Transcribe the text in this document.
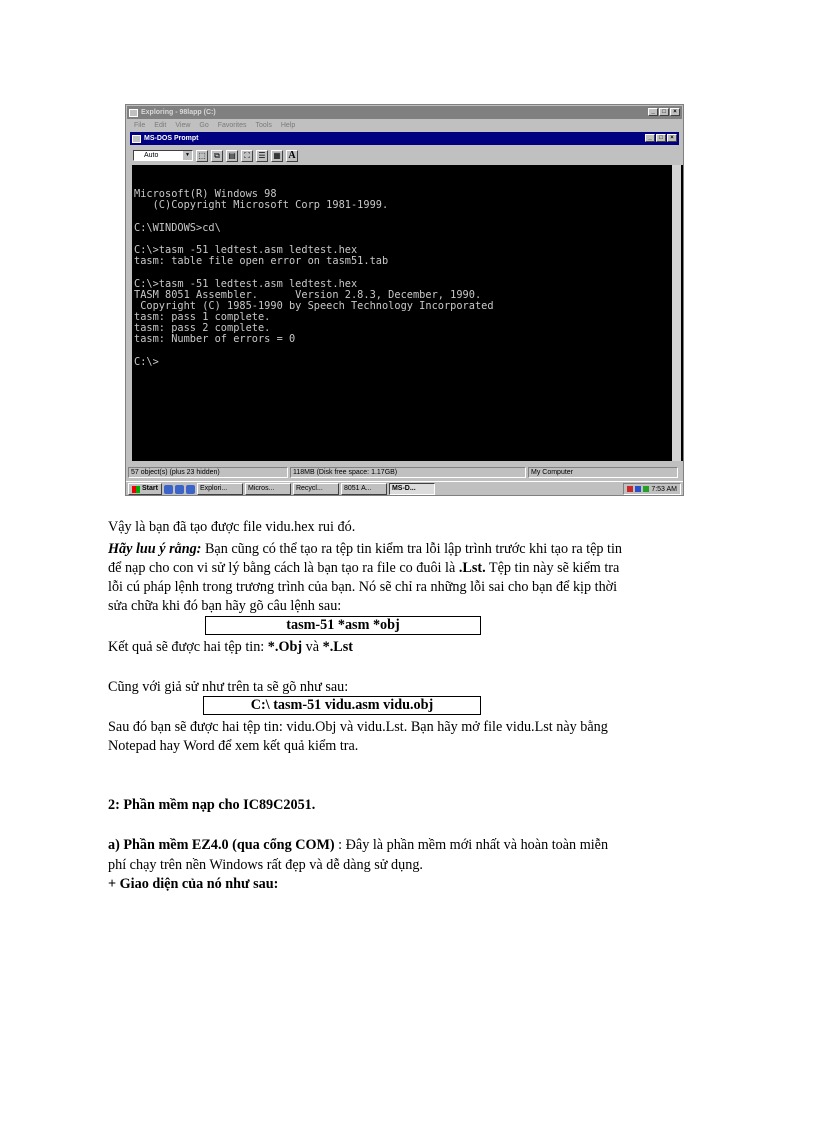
Exploring - 98lapp (C:)	_	□	×
File Edit View Go Favorites Tools Help
MS-DOS Prompt	_	□	×
Auto	▼ ⬚	⧉	▤	⛶	☰ ▦ A
Microsoft(R) Windows 98
(C)Copyright Microsoft Corp 1981-1999.
C:\WINDOWS>cd\
C:\>tasm -51 ledtest.asm ledtest.hex
tasm: table file open error on tasm51.tab
C:\>tasm -51 ledtest.asm ledtest.hex
TASM 8051 Assembler.      Version 2.8.3, December, 1990.
Copyright (C) 1985-1990 by Speech Technology Incorporated
tasm: pass 1 complete.
tasm: pass 2 complete.
tasm: Number of errors = 0
C:\>
57 object(s) (plus 23 hidden)	118MB (Disk free space: 1.17GB)	My Computer
Start	Explori...	Micros...	Recycl...	8051 A...	MS-D...	7:53 AM
Vậy là bạn đã tạo được file vidu.hex rui đó.
Hãy luu ý rằng: Bạn cũng có thể tạo ra tệp tin kiểm tra lỗi lập trình trước khi tạo ra tệp tin
để nạp cho con vi sử lý bằng cách là bạn tạo ra file co đuôi là .Lst. Tệp tin này sẽ kiểm tra
lỗi cú pháp lệnh trong trương trình của bạn. Nó sẽ chỉ ra những lỗi sai cho bạn để kịp thời
sửa chữa khi đó bạn hãy gõ câu lệnh sau:
tasm-51 *asm *obj
Kết quả sẽ được hai tệp tin: *.Obj và *.Lst
Cũng với giả sử như trên ta sẽ gõ như sau:
C:\ tasm-51 vidu.asm vidu.obj
Sau đó bạn sẽ được hai tệp tin: vidu.Obj và vidu.Lst. Bạn hãy mở file vidu.Lst này bằng
Notepad hay Word để xem kết quả kiểm tra.
2: Phần mềm nạp cho IC89C2051.
a) Phần mềm EZ4.0 (qua cổng COM) : Đây là phần mềm mới nhất và hoàn toàn miễn
phí chạy trên nền Windows rất đẹp và dễ dàng sử dụng.
+ Giao diện của nó như sau:
